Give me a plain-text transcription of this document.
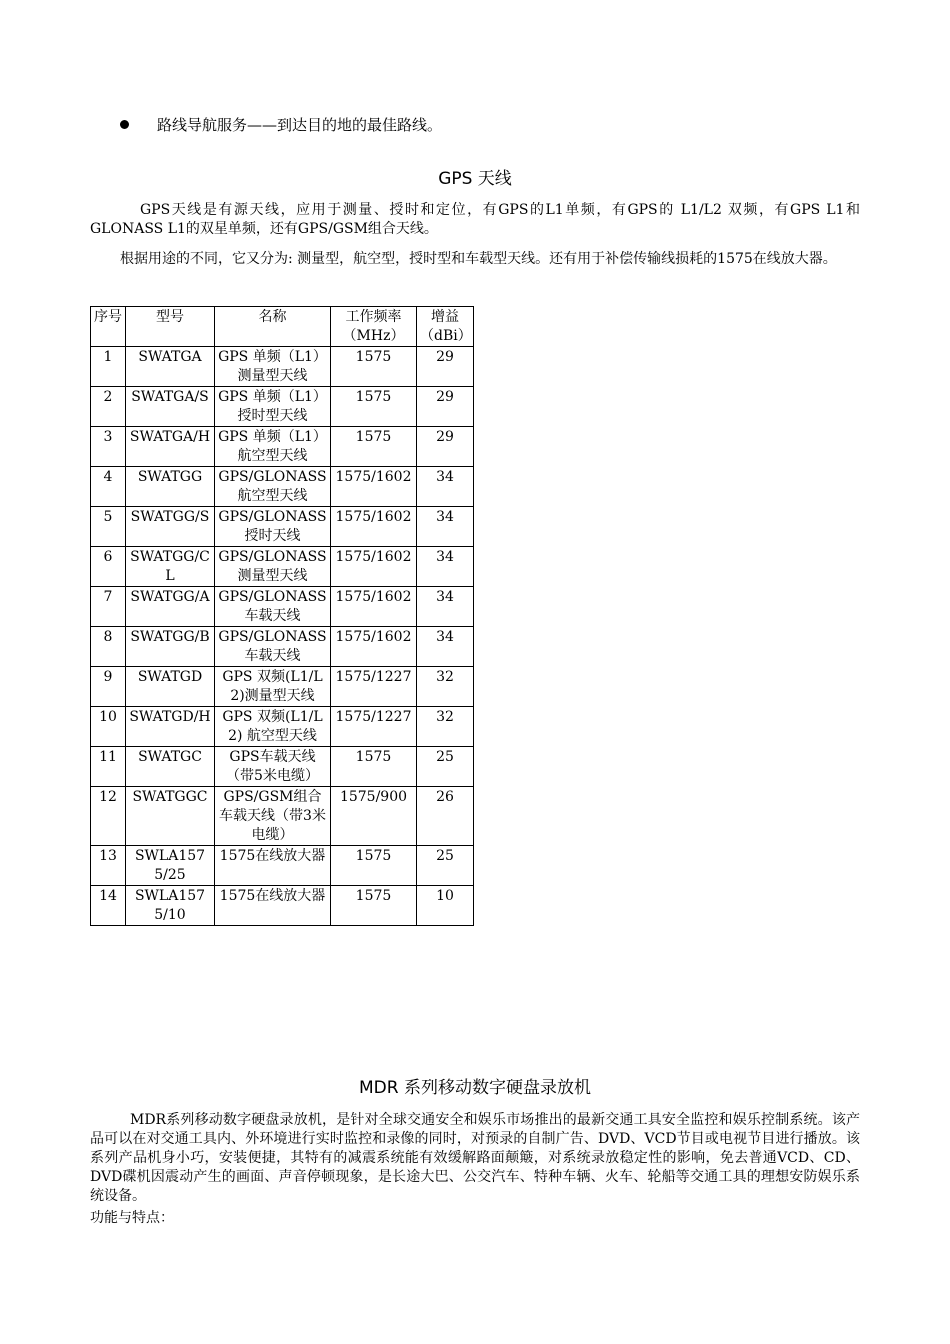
路线导航服务——到达目的地的最佳路线。
GPS 天线
GPS天线是有源天线，应用于测量、授时和定位，有GPS的L1单频，有GPS的 L1/L2 双频，有GPS L1和GLONASS L1的双星单频，还有GPS/GSM组合天线。
根据用途的不同，它又分为: 测量型，航空型，授时型和车载型天线。还有用于补偿传输线损耗的1575在线放大器。
序号	型号	名称	工作频率（MHz）	增益（dBi）
1	SWATGA	GPS 单频（L1）测量型天线	1575	29
2	SWATGA/S	GPS 单频（L1）授时型天线	1575	29
3	SWATGA/H	GPS 单频（L1）航空型天线	1575	29
4	SWATGG	GPS/GLONASS航空型天线	1575/1602	34
5	SWATGG/S	GPS/GLONASS授时天线	1575/1602	34
6	SWATGG/CL	GPS/GLONASS测量型天线	1575/1602	34
7	SWATGG/A	GPS/GLONASS车载天线	1575/1602	34
8	SWATGG/B	GPS/GLONASS车载天线	1575/1602	34
9	SWATGD	GPS 双频(L1/L2)测量型天线	1575/1227	32
10	SWATGD/H	GPS 双频(L1/L2) 航空型天线	1575/1227	32
11	SWATGC	GPS车载天线（带5米电缆）	1575	25
12	SWATGGC	GPS/GSM组合车载天线（带3米电缆）	1575/900	26
13	SWLA1575/25	1575在线放大器	1575	25
14	SWLA1575/10	1575在线放大器	1575	10
MDR 系列移动数字硬盘录放机
MDR系列移动数字硬盘录放机，是针对全球交通安全和娱乐市场推出的最新交通工具安全监控和娱乐控制系统。该产品可以在对交通工具内、外环境进行实时监控和录像的同时，对预录的自制广告、DVD、VCD节目或电视节目进行播放。该系列产品机身小巧，安装便捷，其特有的减震系统能有效缓解路面颠簸，对系统录放稳定性的影响，免去普通VCD、CD、DVD碟机因震动产生的画面、声音停顿现象，是长途大巴、公交汽车、特种车辆、火车、轮船等交通工具的理想安防娱乐系统设备。
功能与特点：
